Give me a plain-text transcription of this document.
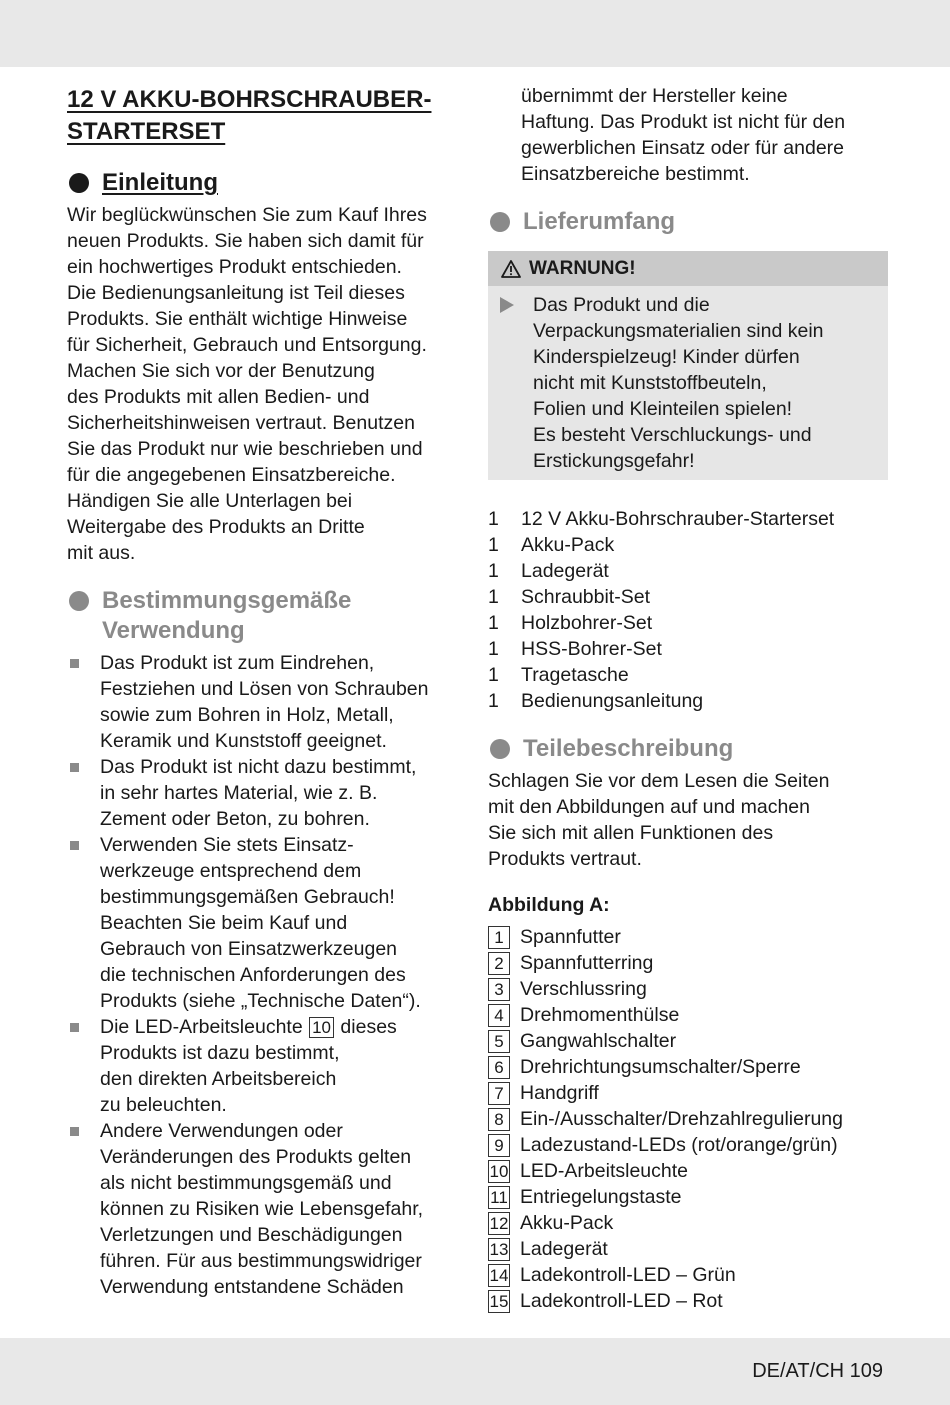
12 V AKKU-BOHRSCHRAUBER-
STARTERSET
Einleitung

Wir beglückwünschen Sie zum Kauf Ihres
neuen Produkts. Sie haben sich damit für
ein hochwertiges Produkt entschieden.
Die Bedienungsanleitung ist Teil dieses
Produkts. Sie enthält wichtige Hinweise
für Sicherheit, Gebrauch und Entsorgung.
Machen Sie sich vor der Benutzung
des Produkts mit allen Bedien- und
Sicherheitshinweisen vertraut. Benutzen
Sie das Produkt nur wie beschrieben und
für die angegebenen Einsatzbereiche.
Händigen Sie alle Unterlagen bei
Weitergabe des Produkts an Dritte
mit aus.

Bestimmungsgemäße
Verwendung
Das Produkt ist zum Eindrehen,
Festziehen und Lösen von Schrauben
sowie zum Bohren in Holz, Metall,
Keramik und Kunststoff geeignet.
Das Produkt ist nicht dazu bestimmt,
in sehr hartes Material, wie z. B.
Zement oder Beton, zu bohren.
Verwenden Sie stets Einsatz-
werkzeuge entsprechend dem
bestimmungsgemäßen Gebrauch!
Beachten Sie beim Kauf und
Gebrauch von Einsatzwerkzeugen
die technischen Anforderungen des
Produkts (siehe „Technische Daten“).
Die LED-Arbeitsleuchte 10 dieses
Produkts ist dazu bestimmt,
den direkten Arbeitsbereich
zu beleuchten.
Andere Verwendungen oder
Veränderungen des Produkts gelten
als nicht bestimmungsgemäß und
können zu Risiken wie Lebensgefahr,
Verletzungen und Beschädigungen
führen. Für aus bestimmungswidriger
Verwendung entstandene Schäden

übernimmt der Hersteller keine
Haftung. Das Produkt ist nicht für den
gewerblichen Einsatz oder für andere
Einsatzbereiche bestimmt.

Lieferumfang
WARNUNG!
Das Produkt und die
Verpackungsmaterialien sind kein
Kinderspielzeug! Kinder dürfen
nicht mit Kunststoffbeuteln,
Folien und Kleinteilen spielen!
Es besteht Verschluckungs- und
Erstickungsgefahr!
1	12 V Akku-Bohrschrauber-Starterset
1	Akku-Pack
1	Ladegerät
1	Schraubbit-Set
1	Holzbohrer-Set
1	HSS-Bohrer-Set
1	Tragetasche
1	Bedienungsanleitung
Teilebeschreibung

Schlagen Sie vor dem Lesen die Seiten
mit den Abbildungen auf und machen
Sie sich mit allen Funktionen des
Produkts vertraut.

Abbildung A:

1 Spannfutter
2 Spannfutterring
3 Verschlussring
4 Drehmomenthülse
5 Gangwahlschalter
6 Drehrichtungsumschalter/Sperre
7 Handgriff
8 Ein-/Ausschalter/Drehzahlregulierung
9 Ladezustand-LEDs (rot/orange/grün)
10 LED-Arbeitsleuchte
11 Entriegelungstaste
12 Akku-Pack
13 Ladegerät
14 Ladekontroll-LED – Grün
15 Ladekontroll-LED – Rot
DE/AT/CH 109
